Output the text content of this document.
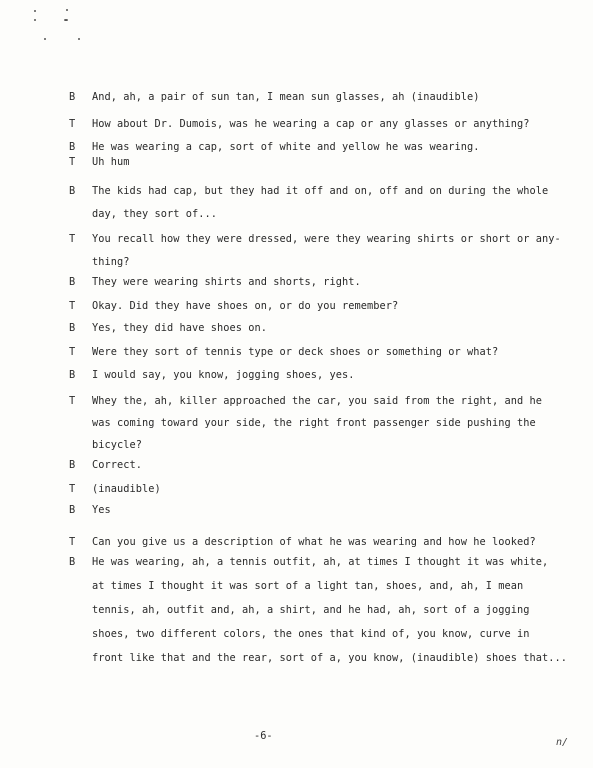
B	And, ah, a pair of sun tan, I mean sun glasses, ah (inaudible)
T	How about Dr. Dumois, was he wearing a cap or any glasses or anything?
B	He was wearing a cap, sort of white and yellow he was wearing.
T	Uh hum
B	The kids had cap, but they had it off and on, off and on during the whole
day, they sort of...
T	You recall how they were dressed, were they wearing shirts or short or any-
thing?
B	They were wearing shirts and shorts, right.
T	Okay. Did they have shoes on, or do you remember?
B	Yes, they did have shoes on.
T	Were they sort of tennis type or deck shoes or something or what?
B	I would say, you know, jogging shoes, yes.
T	Whey the, ah, killer approached the car, you said from the right, and he
was coming toward your side, the right front passenger side pushing the
bicycle?
B	Correct.
T	(inaudible)
B	Yes
T	Can you give us a description of what he was wearing and how he looked?
B	He was wearing, ah, a tennis outfit, ah, at times I thought it was white,
at times I thought it was sort of a light tan, shoes, and, ah, I mean
tennis, ah, outfit and, ah, a shirt, and he had, ah, sort of a jogging
shoes, two different colors, the ones that kind of, you know, curve in
front like that and the rear, sort of a, you know, (inaudible) shoes that...
-6-
n/
